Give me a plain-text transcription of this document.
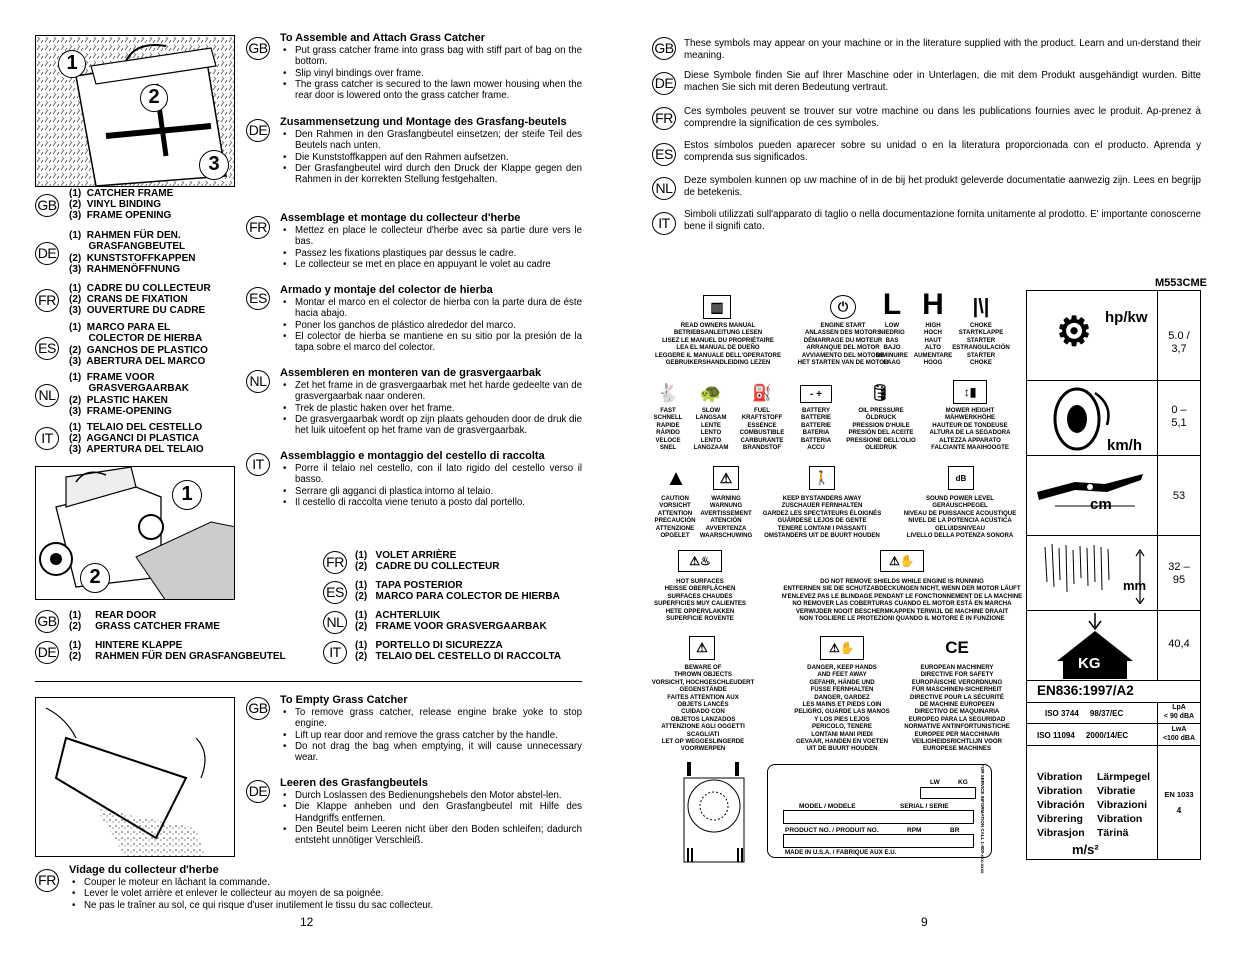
1
2
3
GB
(1)  CATCHER FRAME
(2)  VINYL BINDING
(3)  FRAME OPENING
DE
(1)  RAHMEN FÜR DEN.
GRASFANGBEUTEL
(2)  KUNSTSTOFFKAPPEN
(3)  RAHMENÖFFNUNG
FR
(1)  CADRE DU COLLECTEUR
(2)  CRANS DE FIXATION
(3)  OUVERTURE DU CADRE
ES
(1)  MARCO PARA EL
COLECTOR DE HIERBA
(2)  GANCHOS DE PLASTICO
(3)  ABERTURA DEL MARCO
NL
(1)  FRAME VOOR
GRASVERGAARBAK
(2)  PLASTIC HAKEN
(3)  FRAME-OPENING
IT
(1)  TELAIO DEL CESTELLO
(2)  AGGANCI DI PLASTICA
(3)  APERTURA DEL TELAIO
GB
To Assemble and Attach Grass Catcher
• Put grass catcher frame into grass bag with stiff part of bag on the bottom.
• Slip vinyl bindings over frame.
• The grass catcher is secured to the lawn mower housing when the rear door is lowered onto the grass catcher frame.
DE Zusammensetzung und Montage des Grasfang-beutels
• Den Rahmen in den Grasfangbeutel einsetzen; der steife Teil des Beutels nach unten.
• Die Kunststoffkappen auf den Rahmen aufsetzen.
• Der Grasfangbeutel wird durch den Druck der Klappe gegen den Rahmen in der korrekten Stellung festgehalten.
FR
Assemblage et montage du collecteur d'herbe
• Mettez en place le collecteur d'herbe avec sa partie dure vers le bas.
• Passez les fixations plastiques par dessus le cadre.
• Le collecteur se met en place en appuyant le volet au cadre
ES Armado y montaje del colector de hierba
• Montar el marco en el colector de hierba con la parte dura de éste hacia abajo.
• Poner los ganchos de plástico alrededor del marco.
• El colector de hierba se mantiene en su sitio por la presión de la tapa sobre el marco del colector.
NL	Assembleren en monteren van de grasvergaarbak
• Zet het frame in de grasvergaarbak met het harde gedeelte van de grasvergaarbak naar onderen.
• Trek de plastic haken over het frame.
• De grasvergaarbak wordt op zijn plaats gehouden door de druk die het luik uitoefent op het frame van de grasvergaarbak.
IT	Assemblaggio e montaggio del cestello di raccolta
• Porre il telaio nel cestello, con il lato rigido del cestello verso il basso.
• Serrare gli agganci di plastica intorno al telaio.
• Il cestello di raccolta viene tenuto a posto dal portello.
1
2
GB (1)     REAR DOOR
(2)     GRASS CATCHER FRAME
DE (1)     HINTERE KLAPPE
(2)     RAHMEN FÜR DEN GRASFANGBEUTEL
FR	(1)   VOLET ARRIÈRE
(2)   CADRE DU COLLECTEUR
ES	(1)   TAPA POSTERIOR
(2)   MARCO PARA COLECTOR DE HIERBA
NL	(1)   ACHTERLUIK
(2)   FRAME VOOR GRASVERGAARBAK
IT	(1)   PORTELLO DI SICUREZZA
(2)   TELAIO DEL CESTELLO DI RACCOLTA
GB To Empty Grass Catcher
• To remove grass catcher, release engine brake yoke to stop engine.
• Lift up rear door and remove the grass catcher by the handle.
• Do not drag the bag when emptying, it will cause unnecessary wear.
DE Leeren des Grasfangbeutels
• Durch Loslassen des Bedienungshebels den Motor abstel-len.
• Die Klappe anheben und den Grasfangbeutel mit Hilfe des Handgriffs entfernen.
• Den Beutel beim Leeren nicht über den Boden schleifen; dadurch entsteht unnötiger Verschleiß.
FR
Vidage du collecteur d'herbe
• Couper le moteur en lâchant la commande.
• Lever le volet arrière et enlever le collecteur au moyen de sa poignée.
• Ne pas le traîner au sol, ce qui risque d'user inutilement le tissu du sac collecteur.
12
GB These symbols may appear on your machine or in the literature supplied with the product. Learn and un-derstand their meaning.
DE Diese Symbole finden Sie auf Ihrer Maschine oder in Unterlagen, die mit dem Produkt ausgehändigt wurden. Bitte machen Sie sich mit deren Bedeutung vertraut.
FR	Ces symboles peuvent se trouver sur votre machine ou dans les publications fournies avec le produit. Ap-prenez à comprendre la signification de ces symboles.
ES
Estos símbolos pueden aparecer sobre su unidad o en la literatura proporcionada con el producto. Aprenda y comprenda sus significados.
NL	Deze symbolen kunnen op uw machine of in de bij het produkt geleverde documentatie aanwezig zijn. Lees en begrijp de betekenis.
IT
Simboli utilizzati sull'apparato di taglio o nella documentazione fornita unitamente al prodotto. E' importante conoscerne bene il signifi cato.
M553CME
▥
READ OWNERS MANUAL
BETRIEBSANLEITUNG LESEN
LISEZ LE MANUEL DU PROPRIÉTAIRE
LEA EL MANUAL DE DUEÑO
LEGGERE IL MANUALE DELL'OPERATORE
GEBRUIKERSHANDLEIDING LEZEN
⏻
ENGINE START
ANLASSEN DES MOTORS
DÉMARRAGE DU MOTEUR
ARRANQUE DEL MOTOR
AVVIAMENTO DEL MOTORE
HET STARTEN VAN DE MOTOR
L
LOW
NIEDRIG
BAS
BAJO
DIMINUIRE
LAAG
H
HIGH
HOCH
HAUT
ALTO
AUMENTARE
HOOG
|\|
CHOKE
STARTKLAPPE
STARTER
ESTRANGULACIÓN
STARTER
CHOKE
🐇
FAST
SCHNELL
RAPIDE
RÁPIDO
VELOCE
SNEL
🐢
SLOW
LANGSAM
LENTE
LENTO
LENTO
LANGZAAM
⛽
FUEL
KRAFTSTOFF
ESSENCE
COMBUSTIBLE
CARBURANTE
BRANDSTOF
- +
BATTERY
BATTERIE
BATTERIE
BATERIA
BATTERIA
ACCU
🛢
OIL PRESSURE
ÖLDRUCK
PRESSION D'HUILE
PRESIÓN DEL ACEITE
PRESSIONE DELL'OLIO
OLIEDRUK
↕▮
MOWER HEIGHT
MÄHWERKHÖHE
HAUTEUR DE TONDEUSE
ALTURA DE LA SEGADORA
ALTEZZA APPARATO
FALCIANTE MAAIHOOGTE
▲
CAUTION
VORSICHT
ATTENTION
PRECAUCIÓN
ATTENZIONE
OPGELET
⚠
WARNING
WARNUNG
AVERTISSEMENT
ATENCIÓN
AVVERTENZA
WAARSCHUWING
🚶
KEEP BYSTANDERS AWAY
ZUSCHAUER FERNHALTEN
GARDEZ LES SPECTATEURS ÉLOIGNÉS
GUÁRDESE LEJOS DE GENTE
TENERE LONTANI I PASSANTI
OMSTANDERS UIT DE BUURT HOUDEN
dB
SOUND POWER LEVEL
GERÄUSCHPEGEL
NIVEAU DE PUISSANCE ACOUSTIQUE
NIVEL DE LA POTENCIA ACÚSTICA
GELUIDSNIVEAU
LIVELLO DELLA POTENZA SONORA
⚠♨
HOT SURFACES
HEISSE OBERFLÄCHEN
SURFACES CHAUDES
SUPERFICIES MUY CALIENTES
HETE OPPERVLAKKEN
SUPERFICIE ROVENTE
⚠✋
DO NOT REMOVE SHIELDS WHILE ENGINE IS RUNNING
ENTFERNEN SIE DIE SCHUTZABDECKUNGEN NICHT, WENN DER MOTOR LÄUFT
N'ENLEVEZ PAS LE BLINDAGE PENDANT LE FONCTIONNEMENT DE LA MACHINE
NO REMOVER LAS COBERTURAS CUANDO EL MOTOR ESTÁ EN MARCHA
VERWIJDER NOOIT BESCHERMKAPPEN TERWIJL DE MACHINE DRAAIT
NON TOGLIERE LE PROTEZIONI QUANDO IL MOTORE È IN FUNZIONE
⚠
BEWARE OF
THROWN OBJECTS
VORSICHT, HOCHGESCHLEUDERT
GEGENSTÄNDE
FAITES ATTENTION AUX
OBJETS LANCÉS
CUIDADO CON
OBJETOS LANZADOS
ATTENZIONE AGLI OGGETTI
SCAGLIATI
LET OP WEGGESLINGERDE
VOORWERPEN
⚠✋
DANGER, KEEP HANDS
AND FEET AWAY
GEFAHR, HÄNDE UND
FÜSSE FERNHALTEN
DANGER, GARDEZ
LES MAINS ET PIEDS LOIN
PELIGRO, GUARDE LAS MANOS
Y LOS PIES LEJOS
PERICOLO, TENERE
LONTANI MANI PIEDI
GEVAAR, HANDEN EN VOETEN
UIT DE BUURT HOUDEN
CE
EUROPEAN MACHINERY
DIRECTIVE FOR SAFETY
EUROPÄISCHE VERORDNUNG
FÜR MASCHINEN-SICHERHEIT
DIRECTIVE POUR LA SÉCURITÉ
DE MACHINE EUROPEEN
DIRECTIVO DE MAQUINARIA
EUROPEO PARA LA SEGURIDAD
NORMATIVE ANTINFORTUNISTICHE
EUROPEE PER MACCHINARI
VEILIGHEIDSRICHTLIJN VOOR
EUROPESE MACHINES
LW	KG
MODEL / MODELE	SERIAL / SERIE
PRODUCT NO. / PRODUIT NO.	RPM	BR
MADE IN U.S.A. / FABRIQUE AUX E.U.	FOR SERVICE INFORMATION CALL 1-800-xxx-xxxx
⚙ hp/kw
5.0 /
3,7
km/h
0 –
5,1
cm	53
mm
32 –
95
KG
40,4
EN836:1997/A2
ISO 3744     98/37/EC
LpA
< 90 dBA
ISO 11094     2000/14/EC
LwA
<100 dBA
Vibration Lärmpegel
Vibration Vibratie
Vibración Vibrazioni
Vibrering Vibration
Vibrasjon Tärinä
m/s²
EN 1033
4
9
